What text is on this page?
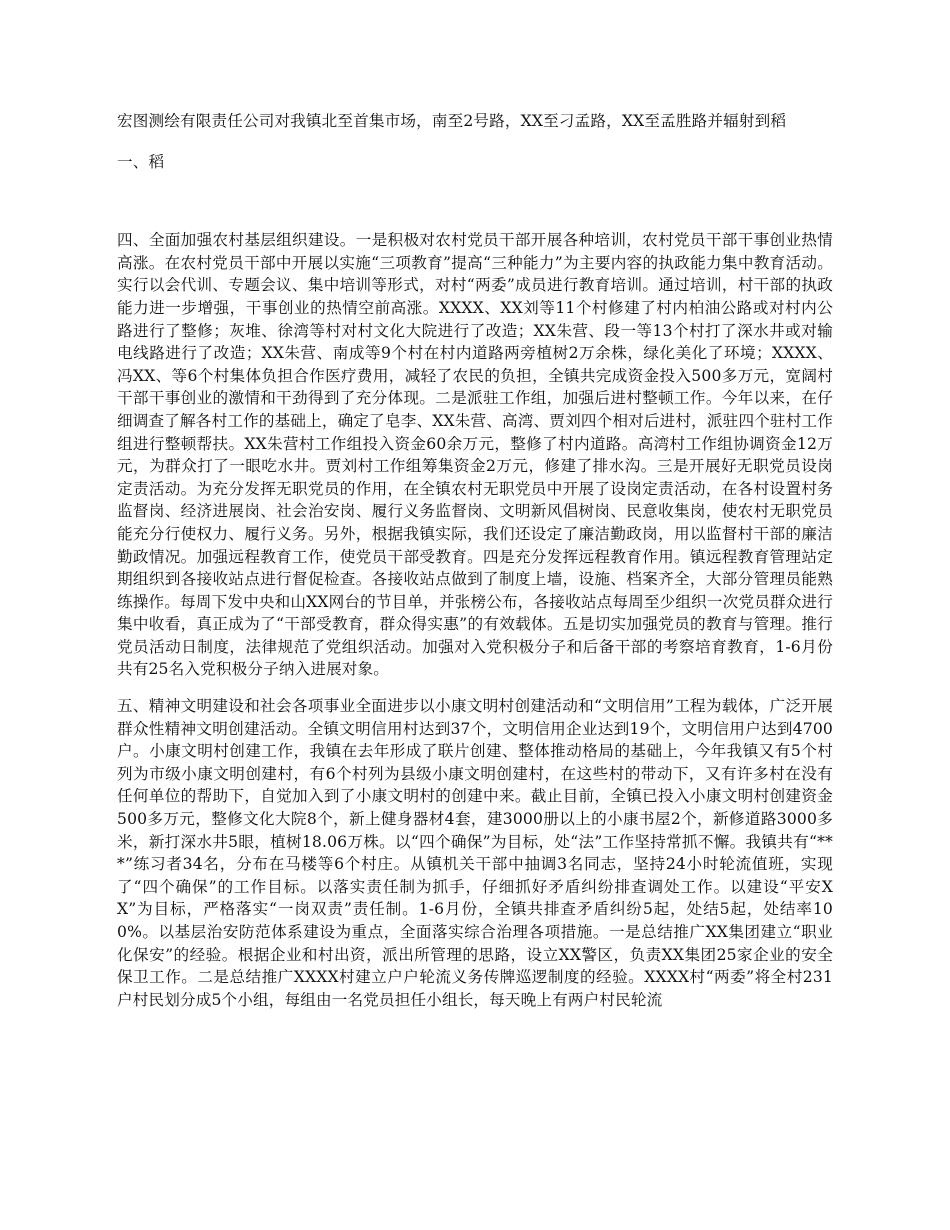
宏图测绘有限责任公司对我镇北至首集市场，南至2号路，XX至刁孟路，XX至孟胜路并辐射到稻

一、稻

四、全面加强农村基层组织建设。一是积极对农村党员干部开展各种培训，农村党员干部干事创业热情高涨。在农村党员干部中开展以实施“三项教育”提高“三种能力”为主要内容的执政能力集中教育活动。实行以会代训、专题会议、集中培训等形式，对村“两委”成员进行教育培训。通过培训，村干部的执政能力进一步增强，干事创业的热情空前高涨。XXXX、XX刘等11个村修建了村内柏油公路或对村内公路进行了整修；灰堆、徐湾等村对村文化大院进行了改造；XX朱营、段一等13个村打了深水井或对输电线路进行了改造；XX朱营、南成等9个村在村内道路两旁植树2万余株，绿化美化了环境；XXXX、冯XX、等6个村集体负担合作医疗费用，减轻了农民的负担，全镇共完成资金投入500多万元，宽阔村干部干事创业的激情和干劲得到了充分体现。二是派驻工作组，加强后进村整顿工作。今年以来，在仔细调查了解各村工作的基础上，确定了皂李、XX朱营、高湾、贾刘四个相对后进村，派驻四个驻村工作组进行整顿帮扶。XX朱营村工作组投入资金60余万元，整修了村内道路。高湾村工作组协调资金12万元，为群众打了一眼吃水井。贾刘村工作组筹集资金2万元，修建了排水沟。三是开展好无职党员设岗定责活动。为充分发挥无职党员的作用，在全镇农村无职党员中开展了设岗定责活动，在各村设置村务监督岗、经济进展岗、社会治安岗、履行义务监督岗、文明新风倡树岗、民意收集岗，使农村无职党员能充分行使权力、履行义务。另外，根据我镇实际，我们还设定了廉洁勤政岗，用以监督村干部的廉洁勤政情况。加强远程教育工作，使党员干部受教育。四是充分发挥远程教育作用。镇远程教育管理站定期组织到各接收站点进行督促检查。各接收站点做到了制度上墙，设施、档案齐全，大部分管理员能熟练操作。每周下发中央和山XX网台的节目单，并张榜公布，各接收站点每周至少组织一次党员群众进行集中收看，真正成为了“干部受教育，群众得实惠”的有效载体。五是切实加强党员的教育与管理。推行党员活动日制度，法律规范了党组织活动。加强对入党积极分子和后备干部的考察培育教育，1-6月份共有25名入党积极分子纳入进展对象。

五、精神文明建设和社会各项事业全面进步以小康文明村创建活动和“文明信用”工程为载体，广泛开展群众性精神文明创建活动。全镇文明信用村达到37个，文明信用企业达到19个，文明信用户达到4700户。小康文明村创建工作，我镇在去年形成了联片创建、整体推动格局的基础上，今年我镇又有5个村列为市级小康文明创建村，有6个村列为县级小康文明创建村，在这些村的带动下，又有许多村在没有任何单位的帮助下，自觉加入到了小康文明村的创建中来。截止目前，全镇已投入小康文明村创建资金500多万元，整修文化大院8个，新上健身器材4套，建3000册以上的小康书屋2个，新修道路3000多米，新打深水井5眼，植树18.06万株。以“四个确保”为目标，处“法”工作坚持常抓不懈。我镇共有“***”练习者34名，分布在马楼等6个村庄。从镇机关干部中抽调3名同志，坚持24小时轮流值班，实现了“四个确保”的工作目标。以落实责任制为抓手，仔细抓好矛盾纠纷排查调处工作。以建设“平安XX”为目标，严格落实“一岗双责”责任制。1-6月份，全镇共排查矛盾纠纷5起，处结5起，处结率100%。以基层治安防范体系建设为重点，全面落实综合治理各项措施。一是总结推广XX集团建立“职业化保安”的经验。根据企业和村出资，派出所管理的思路，设立XX警区，负责XX集团25家企业的安全保卫工作。二是总结推广XXXX村建立户户轮流义务传牌巡逻制度的经验。XXXX村“两委”将全村231户村民划分成5个小组，每组由一名党员担任小组长，每天晚上有两户村民轮流
